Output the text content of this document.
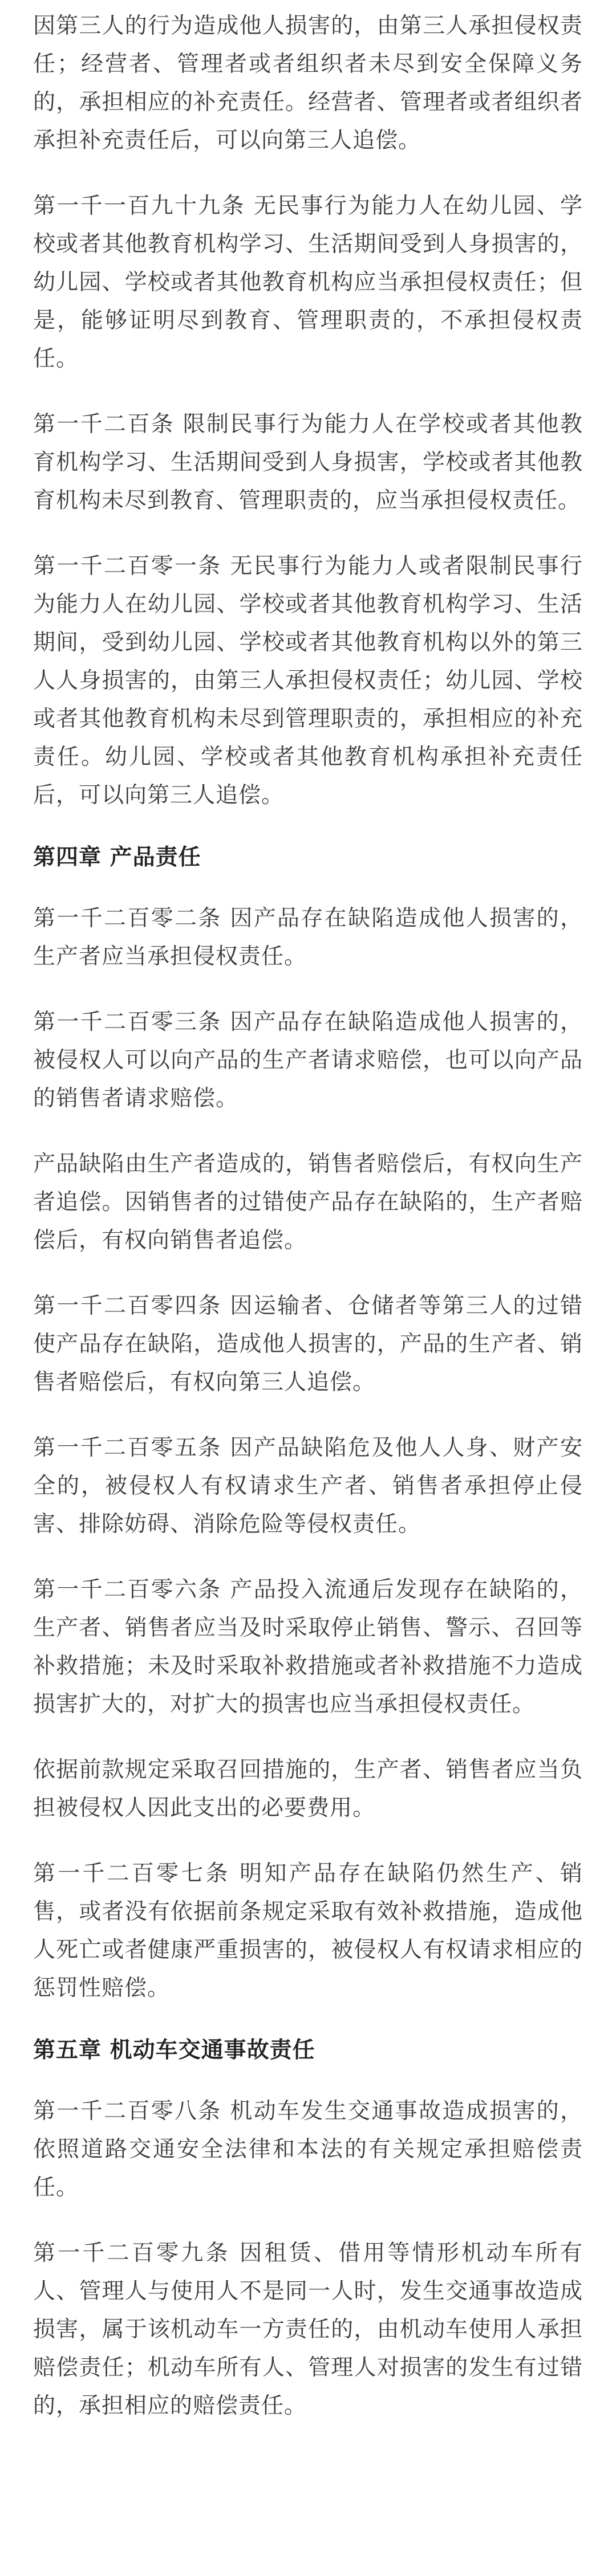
因第三人的行为造成他人损害的，由第三人承担侵权责任；经营者、管理者或者组织者未尽到安全保障义务的，承担相应的补充责任。经营者、管理者或者组织者承担补充责任后，可以向第三人追偿。

第一千一百九十九条 无民事行为能力人在幼儿园、学校或者其他教育机构学习、生活期间受到人身损害的，幼儿园、学校或者其他教育机构应当承担侵权责任；但是，能够证明尽到教育、管理职责的，不承担侵权责任。

第一千二百条 限制民事行为能力人在学校或者其他教育机构学习、生活期间受到人身损害，学校或者其他教育机构未尽到教育、管理职责的，应当承担侵权责任。

第一千二百零一条 无民事行为能力人或者限制民事行为能力人在幼儿园、学校或者其他教育机构学习、生活期间，受到幼儿园、学校或者其他教育机构以外的第三人人身损害的，由第三人承担侵权责任；幼儿园、学校或者其他教育机构未尽到管理职责的，承担相应的补充责任。幼儿园、学校或者其他教育机构承担补充责任后，可以向第三人追偿。

第四章 产品责任

第一千二百零二条 因产品存在缺陷造成他人损害的，生产者应当承担侵权责任。

第一千二百零三条 因产品存在缺陷造成他人损害的，被侵权人可以向产品的生产者请求赔偿，也可以向产品的销售者请求赔偿。

产品缺陷由生产者造成的，销售者赔偿后，有权向生产者追偿。因销售者的过错使产品存在缺陷的，生产者赔偿后，有权向销售者追偿。

第一千二百零四条 因运输者、仓储者等第三人的过错使产品存在缺陷，造成他人损害的，产品的生产者、销售者赔偿后，有权向第三人追偿。

第一千二百零五条 因产品缺陷危及他人人身、财产安全的，被侵权人有权请求生产者、销售者承担停止侵害、排除妨碍、消除危险等侵权责任。

第一千二百零六条 产品投入流通后发现存在缺陷的，生产者、销售者应当及时采取停止销售、警示、召回等补救措施；未及时采取补救措施或者补救措施不力造成损害扩大的，对扩大的损害也应当承担侵权责任。

依据前款规定采取召回措施的，生产者、销售者应当负担被侵权人因此支出的必要费用。

第一千二百零七条 明知产品存在缺陷仍然生产、销售，或者没有依据前条规定采取有效补救措施，造成他人死亡或者健康严重损害的，被侵权人有权请求相应的惩罚性赔偿。

第五章 机动车交通事故责任

第一千二百零八条 机动车发生交通事故造成损害的，依照道路交通安全法律和本法的有关规定承担赔偿责任。

第一千二百零九条 因租赁、借用等情形机动车所有人、管理人与使用人不是同一人时，发生交通事故造成损害，属于该机动车一方责任的，由机动车使用人承担赔偿责任；机动车所有人、管理人对损害的发生有过错的，承担相应的赔偿责任。
